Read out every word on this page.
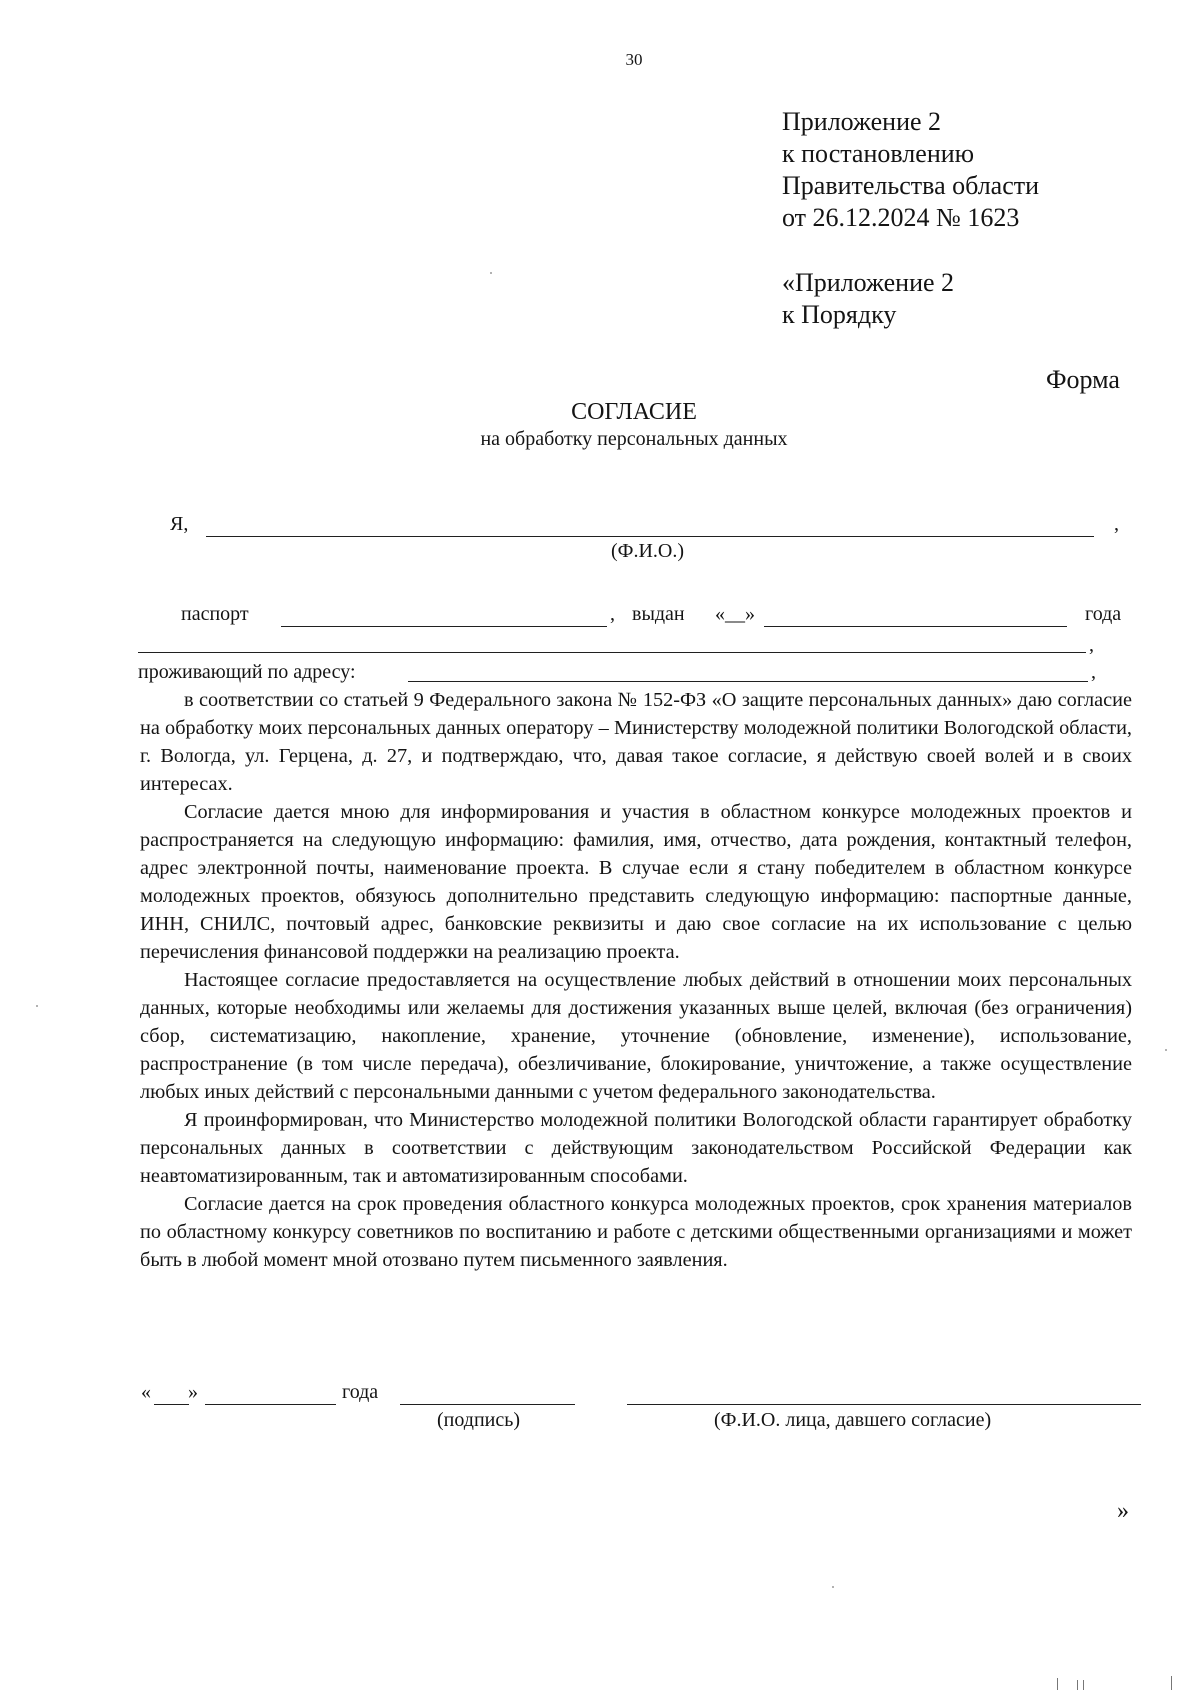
30
Приложение 2
к постановлению
Правительства области
от 26.12.2024 № 1623
«Приложение 2
к Порядку
Форма
СОГЛАСИЕ
на обработку персональных данных
Я,	,
(Ф.И.О.)
паспорт	, выдан «__»	года
,
проживающий по адресу:	,

в соответствии со статьей 9 Федерального закона № 152-ФЗ «О защите персональных данных» даю согласие на обработку моих персональных данных оператору – Министерству молодежной политики Вологодской области, г. Вологда, ул. Герцена, д. 27, и подтверждаю, что, давая такое согласие, я действую своей волей и в своих интересах.

Согласие дается мною для информирования и участия в областном конкурсе молодежных проектов и распространяется на следующую информацию: фамилия, имя, отчество, дата рождения, контактный телефон, адрес электронной почты, наименование проекта. В случае если я стану победителем в областном конкурсе молодежных проектов, обязуюсь дополнительно представить следующую информацию: паспортные данные, ИНН, СНИЛС, почтовый адрес, банковские реквизиты и даю свое согласие на их использование с целью перечисления финансовой поддержки на реализацию проекта.

Настоящее согласие предоставляется на осуществление любых действий в отношении моих персональных данных, которые необходимы или желаемы для достижения указанных выше целей, включая (без ограничения) сбор, систематизацию, накопление, хранение, уточнение (обновление, изменение), использование, распространение (в том числе передача), обезличивание, блокирование, уничтожение, а также осуществление любых иных действий с персональными данными с учетом федерального законодательства.

Я проинформирован, что Министерство молодежной политики Вологодской области гарантирует обработку персональных данных в соответствии с действующим законодательством Российской Федерации как неавтоматизированным, так и автоматизированным способами.

Согласие дается на срок проведения областного конкурса молодежных проектов, срок хранения материалов по областному конкурсу советников по воспитанию и работе с детскими общественными организациями и может быть в любой момент мной отозвано путем письменного заявления.

« »	года
(подпись)	(Ф.И.О. лица, давшего согласие)
»
